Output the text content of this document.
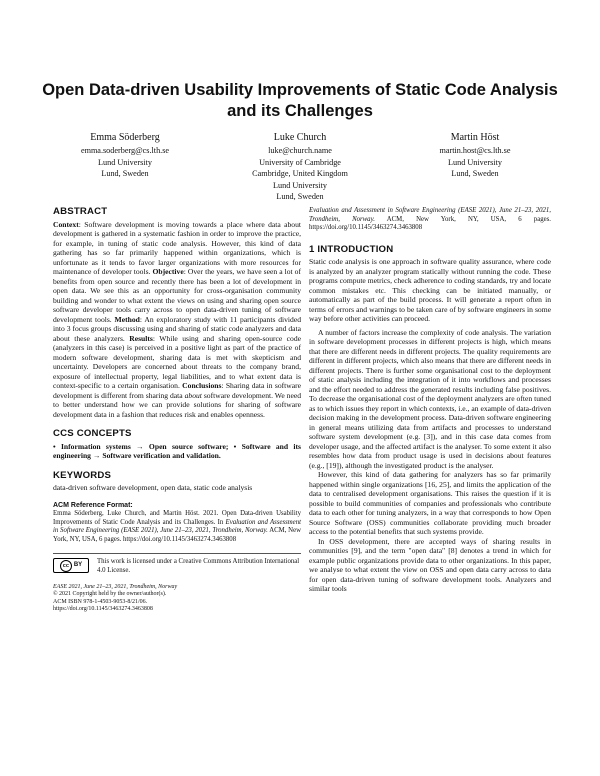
Open Data-driven Usability Improvements of Static Code Analysis and its Challenges
Emma Söderberg
emma.soderberg@cs.lth.se
Lund University
Lund, Sweden
Luke Church
luke@church.name
University of Cambridge
Cambridge, United Kingdom
Lund University
Lund, Sweden
Martin Höst
martin.host@cs.lth.se
Lund University
Lund, Sweden
ABSTRACT

Context: Software development is moving towards a place where data about development is gathered in a systematic fashion in order to improve the practice, for example, in tuning of static code analysis. However, this kind of data gathering has so far primarily happened within organizations, which is unfortunate as it tends to favor larger organizations with more resources for maintenance of developer tools. Objective: Over the years, we have seen a lot of benefits from open source and recently there has been a lot of development in open data. We see this as an opportunity for cross-organisation community building and wonder to what extent the views on using and sharing open source software developer tools carry across to open data-driven tuning of software development tools. Method: An exploratory study with 11 participants divided into 3 focus groups discussing using and sharing of static code analyzers and data about these analyzers. Results: While using and sharing open-source code (analyzers in this case) is perceived in a positive light as part of the practice of modern software development, sharing data is met with skepticism and uncertainty. Developers are concerned about threats to the company brand, exposure of intellectual property, legal liabilities, and to what extent data is context-specific to a certain organisation. Conclusions: Sharing data in software development is different from sharing data about software development. We need to better understand how we can provide solutions for sharing of software development data in a fashion that reduces risk and enables openness.

CCS CONCEPTS

• Information systems → Open source software; • Software and its engineering → Software verification and validation.

KEYWORDS

data-driven software development, open data, static code analysis

ACM Reference Format:

Emma Söderberg, Luke Church, and Martin Höst. 2021. Open Data-driven Usability Improvements of Static Code Analysis and its Challenges. In Evaluation and Assessment in Software Engineering (EASE 2021), June 21–23, 2021, Trondheim, Norway. ACM, New York, NY, USA, 6 pages. https://doi.org/10.1145/3463274.3463808

cc BY This work is licensed under a Creative Commons Attribution International 4.0 License.
EASE 2021, June 21–23, 2021, Trondheim, Norway
© 2021 Copyright held by the owner/author(s).
ACM ISBN 978-1-4503-9053-8/21/06.
https://doi.org/10.1145/3463274.3463808

Evaluation and Assessment in Software Engineering (EASE 2021), June 21–23, 2021, Trondheim, Norway. ACM, New York, NY, USA, 6 pages. https://doi.org/10.1145/3463274.3463808

1 INTRODUCTION

Static code analysis is one approach in software quality assurance, where code is analyzed by an analyzer program statically without running the code. These programs compute metrics, check adherence to coding standards, try and locate common mistakes etc. This checking can be initiated manually, or automatically as part of the build process. It will generate a report often in terms of errors and warnings to be taken care of by software engineers in some way before other activities can proceed.

A number of factors increase the complexity of code analysis. The variation in software development processes in different projects is high, which means that there are different needs in different projects. The quality requirements are different in different projects, which also means that there are different needs in different projects. There is further some organisational cost to the deployment of static analysis including the integration of it into workflows and processes and the effort needed to address the generated results including false positives. To decrease the organisational cost of the deployment analyzers are often tuned as to which issues they report in which contexts, i.e., an example of data-driven decision making in the development process. Data-driven software engineering in general means utilizing data from artifacts and processes to understand software system development (e.g. [3]), and in this case data comes from developer usage, and the affected artifact is the analyser. To some extent it also resembles how data from product usage is used in decisions about features (e.g., [19]), although the investigated product is the analyser.

However, this kind of data gathering for analyzers has so far primarily happened within single organizations [16, 25], and limits the application of the data to centralised development organisations. This raises the question if it is possible to build communities of companies and professionals who contribute data to each other for tuning analyzers, in a way that corresponds to how Open Source Software (OSS) communities collaborate providing much broader access to the potential benefits that such systems provide.

In OSS development, there are accepted ways of sharing results in communities [9], and the term "open data" [8] denotes a trend in which for example public organizations provide data to other organizations. In this paper, we analyse to what extent the view on OSS and open data carry across to data for open data-driven tuning of software development tools. Analyzers and similar tools
